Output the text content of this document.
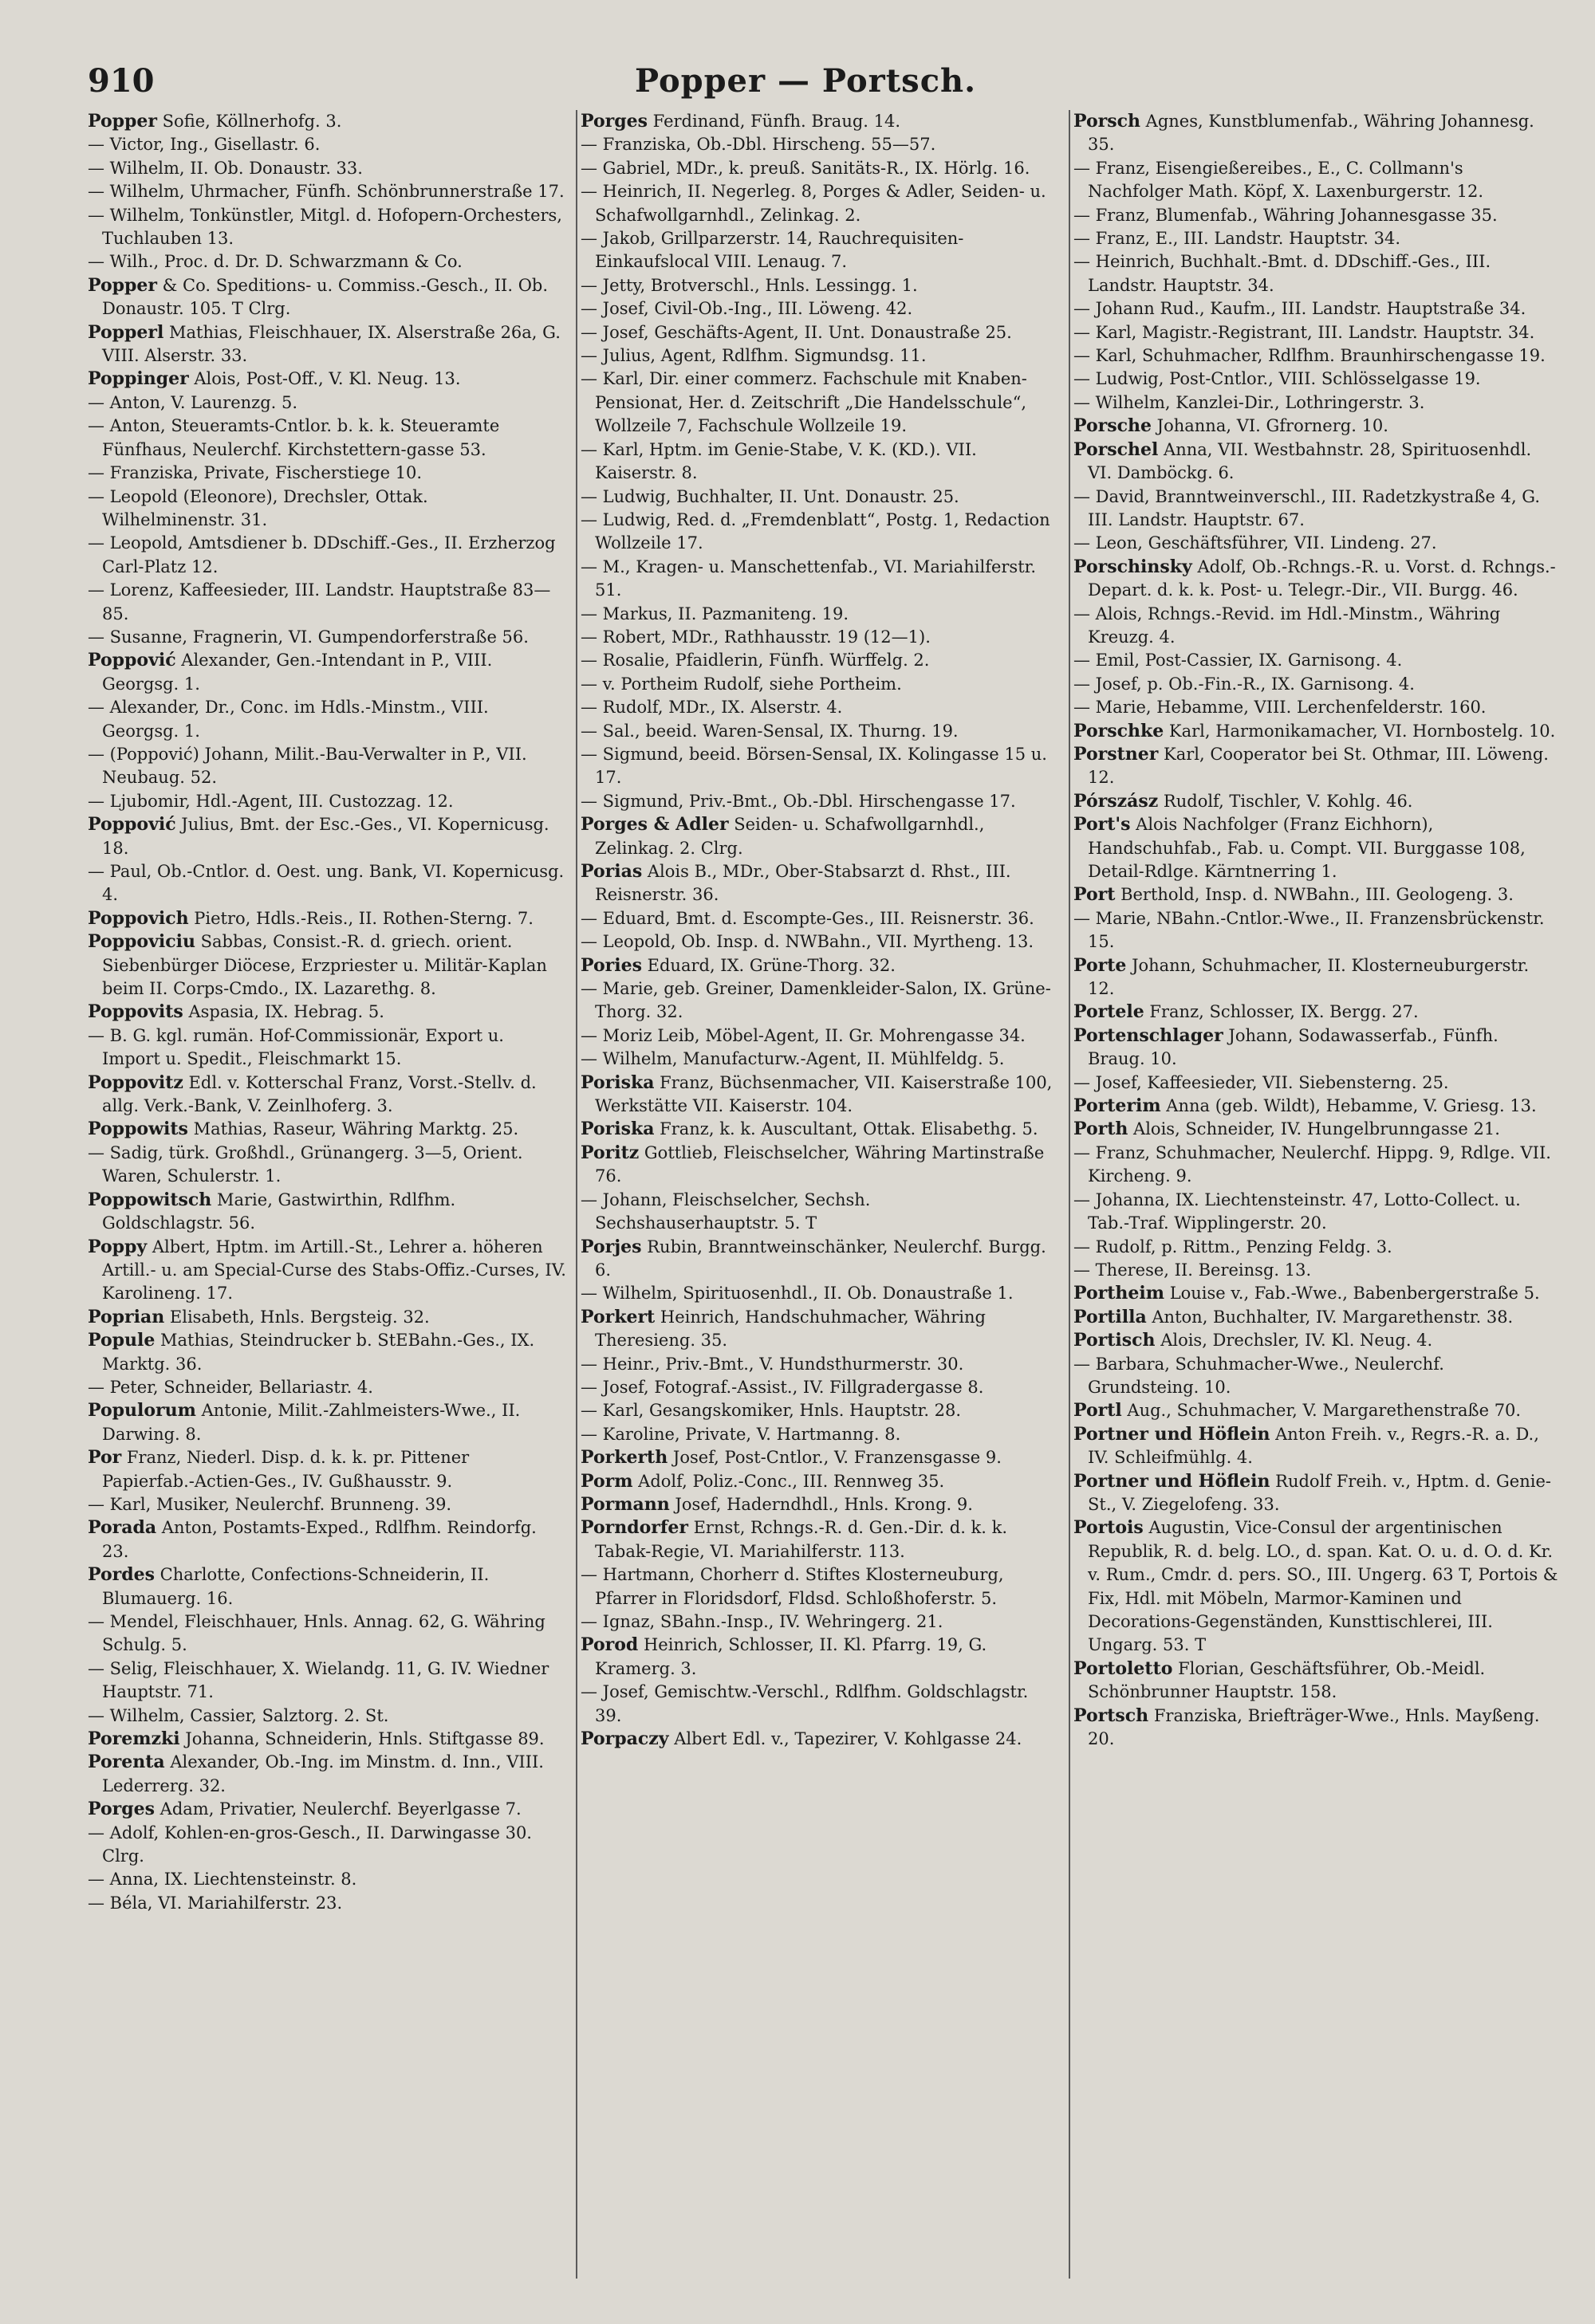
910	Popper — Portsch.

Popper Sofie, Köllnerhofg. 3.

— Victor, Ing., Gisellastr. 6.

— Wilhelm, II. Ob. Donaustr. 33.

— Wilhelm, Uhrmacher, Fünfh. Schönbrunnerstraße 17.

— Wilhelm, Tonkünstler, Mitgl. d. Hofopern-Orchesters, Tuchlauben 13.

— Wilh., Proc. d. Dr. D. Schwarzmann & Co.

Popper & Co. Speditions- u. Commiss.-Gesch., II. Ob. Donaustr. 105. T Clrg.

Popperl Mathias, Fleischhauer, IX. Alserstraße 26a, G. VIII. Alserstr. 33.

Poppinger Alois, Post-Off., V. Kl. Neug. 13.

— Anton, V. Laurenzg. 5.

— Anton, Steueramts-Cntlor. b. k. k. Steueramte Fünfhaus, Neulerchf. Kirchstettern-gasse 53.

— Franziska, Private, Fischerstiege 10.

— Leopold (Eleonore), Drechsler, Ottak. Wilhelminenstr. 31.

— Leopold, Amtsdiener b. DDschiff.-Ges., II. Erzherzog Carl-Platz 12.

— Lorenz, Kaffeesieder, III. Landstr. Hauptstraße 83—85.

— Susanne, Fragnerin, VI. Gumpendorferstraße 56.

Poppović Alexander, Gen.-Intendant in P., VIII. Georgsg. 1.

— Alexander, Dr., Conc. im Hdls.-Minstm., VIII. Georgsg. 1.

— (Poppović) Johann, Milit.-Bau-Verwalter in P., VII. Neubaug. 52.

— Ljubomir, Hdl.-Agent, III. Custozzag. 12.

Poppović Julius, Bmt. der Esc.-Ges., VI. Kopernicusg. 18.

— Paul, Ob.-Cntlor. d. Oest. ung. Bank, VI. Kopernicusg. 4.

Poppovich Pietro, Hdls.-Reis., II. Rothen-Sterng. 7.

Poppoviciu Sabbas, Consist.-R. d. griech. orient. Siebenbürger Diöcese, Erzpriester u. Militär-Kaplan beim II. Corps-Cmdo., IX. Lazarethg. 8.

Poppovits Aspasia, IX. Hebrag. 5.

— B. G. kgl. rumän. Hof-Commissionär, Export u. Import u. Spedit., Fleischmarkt 15.

Poppovitz Edl. v. Kotterschal Franz, Vorst.-Stellv. d. allg. Verk.-Bank, V. Zeinlhoferg. 3.

Poppowits Mathias, Raseur, Währing Marktg. 25.

— Sadig, türk. Großhdl., Grünangerg. 3—5, Orient. Waren, Schulerstr. 1.

Poppowitsch Marie, Gastwirthin, Rdlfhm. Goldschlagstr. 56.

Poppy Albert, Hptm. im Artill.-St., Lehrer a. höheren Artill.- u. am Special-Curse des Stabs-Offiz.-Curses, IV. Karolineng. 17.

Poprian Elisabeth, Hnls. Bergsteig. 32.

Popule Mathias, Steindrucker b. StEBahn.-Ges., IX. Marktg. 36.

— Peter, Schneider, Bellariastr. 4.

Populorum Antonie, Milit.-Zahlmeisters-Wwe., II. Darwing. 8.

Por Franz, Niederl. Disp. d. k. k. pr. Pittener Papierfab.-Actien-Ges., IV. Gußhausstr. 9.

— Karl, Musiker, Neulerchf. Brunneng. 39.

Porada Anton, Postamts-Exped., Rdlfhm. Reindorfg. 23.

Pordes Charlotte, Confections-Schneiderin, II. Blumauerg. 16.

— Mendel, Fleischhauer, Hnls. Annag. 62, G. Währing Schulg. 5.

— Selig, Fleischhauer, X. Wielandg. 11, G. IV. Wiedner Hauptstr. 71.

— Wilhelm, Cassier, Salztorg. 2. St.

Poremzki Johanna, Schneiderin, Hnls. Stiftgasse 89.

Porenta Alexander, Ob.-Ing. im Minstm. d. Inn., VIII. Lederrerg. 32.

Porges Adam, Privatier, Neulerchf. Beyerlgasse 7.

— Adolf, Kohlen-en-gros-Gesch., II. Darwingasse 30. Clrg.

— Anna, IX. Liechtensteinstr. 8.

— Béla, VI. Mariahilferstr. 23.

Porges Ferdinand, Fünfh. Braug. 14.

— Franziska, Ob.-Dbl. Hirscheng. 55—57.

— Gabriel, MDr., k. preuß. Sanitäts-R., IX. Hörlg. 16.

— Heinrich, II. Negerleg. 8, Porges & Adler, Seiden- u. Schafwollgarnhdl., Zelinkag. 2.

— Jakob, Grillparzerstr. 14, Rauchrequisiten-Einkaufslocal VIII. Lenaug. 7.

— Jetty, Brotverschl., Hnls. Lessingg. 1.

— Josef, Civil-Ob.-Ing., III. Löweng. 42.

— Josef, Geschäfts-Agent, II. Unt. Donaustraße 25.

— Julius, Agent, Rdlfhm. Sigmundsg. 11.

— Karl, Dir. einer commerz. Fachschule mit Knaben-Pensionat, Her. d. Zeitschrift „Die Handelsschule“, Wollzeile 7, Fachschule Wollzeile 19.

— Karl, Hptm. im Genie-Stabe, V. K. (KD.). VII. Kaiserstr. 8.

— Ludwig, Buchhalter, II. Unt. Donaustr. 25.

— Ludwig, Red. d. „Fremdenblatt“, Postg. 1, Redaction Wollzeile 17.

— M., Kragen- u. Manschettenfab., VI. Mariahilferstr. 51.

— Markus, II. Pazmaniteng. 19.

— Robert, MDr., Rathhausstr. 19 (12—1).

— Rosalie, Pfaidlerin, Fünfh. Würffelg. 2.

— v. Portheim Rudolf, siehe Portheim.

— Rudolf, MDr., IX. Alserstr. 4.

— Sal., beeid. Waren-Sensal, IX. Thurng. 19.

— Sigmund, beeid. Börsen-Sensal, IX. Kolingasse 15 u. 17.

— Sigmund, Priv.-Bmt., Ob.-Dbl. Hirschengasse 17.

Porges & Adler Seiden- u. Schafwollgarnhdl., Zelinkag. 2. Clrg.

Porias Alois B., MDr., Ober-Stabsarzt d. Rhst., III. Reisnerstr. 36.

— Eduard, Bmt. d. Escompte-Ges., III. Reisnerstr. 36.

— Leopold, Ob. Insp. d. NWBahn., VII. Myrtheng. 13.

Pories Eduard, IX. Grüne-Thorg. 32.

— Marie, geb. Greiner, Damenkleider-Salon, IX. Grüne-Thorg. 32.

— Moriz Leib, Möbel-Agent, II. Gr. Mohrengasse 34.

— Wilhelm, Manufacturw.-Agent, II. Mühlfeldg. 5.

Poriska Franz, Büchsenmacher, VII. Kaiserstraße 100, Werkstätte VII. Kaiserstr. 104.

Poriska Franz, k. k. Auscultant, Ottak. Elisabethg. 5.

Poritz Gottlieb, Fleischselcher, Währing Martinstraße 76.

— Johann, Fleischselcher, Sechsh. Sechshauserhauptstr. 5. T

Porjes Rubin, Branntweinschänker, Neulerchf. Burgg. 6.

— Wilhelm, Spirituosenhdl., II. Ob. Donaustraße 1.

Porkert Heinrich, Handschuhmacher, Währing Theresieng. 35.

— Heinr., Priv.-Bmt., V. Hundsthurmerstr. 30.

— Josef, Fotograf.-Assist., IV. Fillgradergasse 8.

— Karl, Gesangskomiker, Hnls. Hauptstr. 28.

— Karoline, Private, V. Hartmanng. 8.

Porkerth Josef, Post-Cntlor., V. Franzensgasse 9.

Porm Adolf, Poliz.-Conc., III. Rennweg 35.

Pormann Josef, Haderndhdl., Hnls. Krong. 9.

Porndorfer Ernst, Rchngs.-R. d. Gen.-Dir. d. k. k. Tabak-Regie, VI. Mariahilferstr. 113.

— Hartmann, Chorherr d. Stiftes Klosterneuburg, Pfarrer in Floridsdorf, Fldsd. Schloßhoferstr. 5.

— Ignaz, SBahn.-Insp., IV. Wehringerg. 21.

Porod Heinrich, Schlosser, II. Kl. Pfarrg. 19, G. Kramerg. 3.

— Josef, Gemischtw.-Verschl., Rdlfhm. Goldschlagstr. 39.

Porpaczy Albert Edl. v., Tapezirer, V. Kohlgasse 24.

Porsch Agnes, Kunstblumenfab., Währing Johannesg. 35.

— Franz, Eisengießereibes., E., C. Collmann's Nachfolger Math. Köpf, X. Laxenburgerstr. 12.

— Franz, Blumenfab., Währing Johannesgasse 35.

— Franz, E., III. Landstr. Hauptstr. 34.

— Heinrich, Buchhalt.-Bmt. d. DDschiff.-Ges., III. Landstr. Hauptstr. 34.

— Johann Rud., Kaufm., III. Landstr. Hauptstraße 34.

— Karl, Magistr.-Registrant, III. Landstr. Hauptstr. 34.

— Karl, Schuhmacher, Rdlfhm. Braunhirschengasse 19.

— Ludwig, Post-Cntlor., VIII. Schlösselgasse 19.

— Wilhelm, Kanzlei-Dir., Lothringerstr. 3.

Porsche Johanna, VI. Gfrornerg. 10.

Porschel Anna, VII. Westbahnstr. 28, Spirituosenhdl. VI. Damböckg. 6.

— David, Branntweinverschl., III. Radetzkystraße 4, G. III. Landstr. Hauptstr. 67.

— Leon, Geschäftsführer, VII. Lindeng. 27.

Porschinsky Adolf, Ob.-Rchngs.-R. u. Vorst. d. Rchngs.-Depart. d. k. k. Post- u. Telegr.-Dir., VII. Burgg. 46.

— Alois, Rchngs.-Revid. im Hdl.-Minstm., Währing Kreuzg. 4.

— Emil, Post-Cassier, IX. Garnisong. 4.

— Josef, p. Ob.-Fin.-R., IX. Garnisong. 4.

— Marie, Hebamme, VIII. Lerchenfelderstr. 160.

Porschke Karl, Harmonikamacher, VI. Hornbostelg. 10.

Porstner Karl, Cooperator bei St. Othmar, III. Löweng. 12.

Pórszász Rudolf, Tischler, V. Kohlg. 46.

Port's Alois Nachfolger (Franz Eichhorn), Handschuhfab., Fab. u. Compt. VII. Burggasse 108, Detail-Rdlge. Kärntnerring 1.

Port Berthold, Insp. d. NWBahn., III. Geologeng. 3.

— Marie, NBahn.-Cntlor.-Wwe., II. Franzensbrückenstr. 15.

Porte Johann, Schuhmacher, II. Klosterneuburgerstr. 12.

Portele Franz, Schlosser, IX. Bergg. 27.

Portenschlager Johann, Sodawasserfab., Fünfh. Braug. 10.

— Josef, Kaffeesieder, VII. Siebensterng. 25.

Porterim Anna (geb. Wildt), Hebamme, V. Griesg. 13.

Porth Alois, Schneider, IV. Hungelbrunngasse 21.

— Franz, Schuhmacher, Neulerchf. Hippg. 9, Rdlge. VII. Kircheng. 9.

— Johanna, IX. Liechtensteinstr. 47, Lotto-Collect. u. Tab.-Traf. Wipplingerstr. 20.

— Rudolf, p. Rittm., Penzing Feldg. 3.

— Therese, II. Bereinsg. 13.

Portheim Louise v., Fab.-Wwe., Babenbergerstraße 5.

Portilla Anton, Buchhalter, IV. Margarethenstr. 38.

Portisch Alois, Drechsler, IV. Kl. Neug. 4.

— Barbara, Schuhmacher-Wwe., Neulerchf. Grundsteing. 10.

Portl Aug., Schuhmacher, V. Margarethenstraße 70.

Portner und Höflein Anton Freih. v., Regrs.-R. a. D., IV. Schleifmühlg. 4.

Portner und Höflein Rudolf Freih. v., Hptm. d. Genie-St., V. Ziegelofeng. 33.

Portois Augustin, Vice-Consul der argentinischen Republik, R. d. belg. LO., d. span. Kat. O. u. d. O. d. Kr. v. Rum., Cmdr. d. pers. SO., III. Ungerg. 63 T, Portois & Fix, Hdl. mit Möbeln, Marmor-Kaminen und Decorations-Gegenständen, Kunsttischlerei, III. Ungarg. 53. T

Portoletto Florian, Geschäftsführer, Ob.-Meidl. Schönbrunner Hauptstr. 158.

Portsch Franziska, Briefträger-Wwe., Hnls. Mayßeng. 20.
